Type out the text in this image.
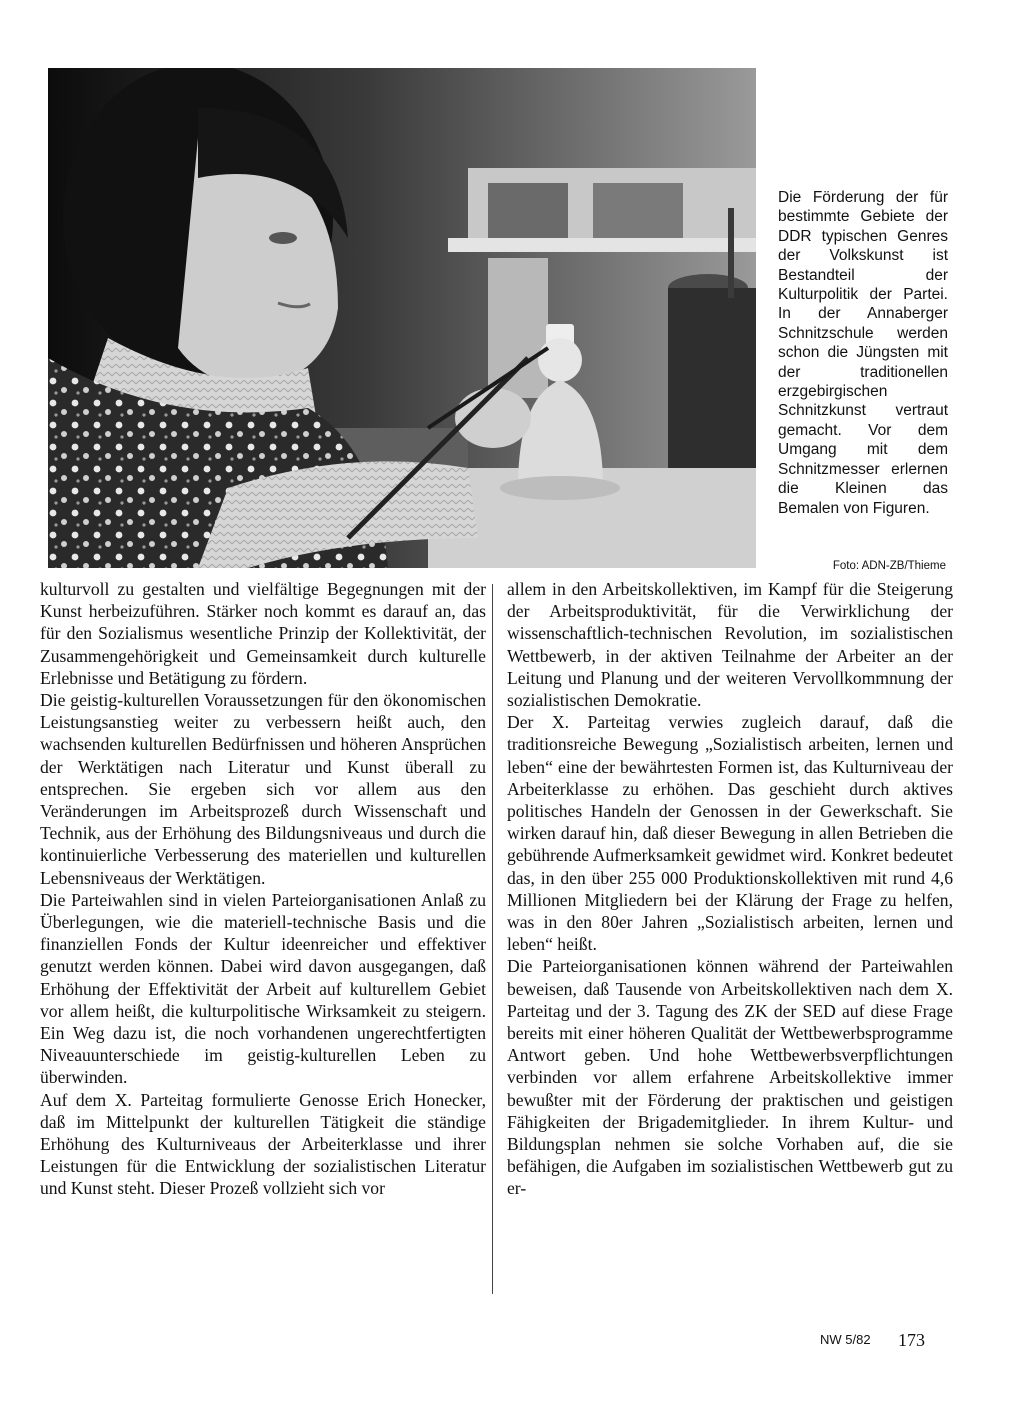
Die Förderung der für bestimmte Gebiete der DDR typischen Genres der Volkskunst ist Bestandteil der Kulturpolitik der Partei. In der Annaberger Schnitzschule werden schon die Jüngsten mit der traditionellen erzgebirgischen Schnitzkunst vertraut gemacht. Vor dem Umgang mit dem Schnitzmesser erlernen die Kleinen das Bemalen von Figuren.
Foto: ADN-ZB/Thieme

kulturvoll zu gestalten und vielfältige Begegnungen mit der Kunst herbeizuführen. Stärker noch kommt es darauf an, das für den Sozialismus wesentliche Prinzip der Kollektivität, der Zusammengehörigkeit und Gemeinsamkeit durch kulturelle Erlebnisse und Betätigung zu fördern.

Die geistig-kulturellen Voraussetzungen für den ökonomischen Leistungsanstieg weiter zu verbessern heißt auch, den wachsenden kulturellen Bedürfnissen und höheren Ansprüchen der Werktätigen nach Literatur und Kunst überall zu entsprechen. Sie ergeben sich vor allem aus den Veränderungen im Arbeitsprozeß durch Wissenschaft und Technik, aus der Erhöhung des Bildungsniveaus und durch die kontinuierliche Verbesserung des materiellen und kulturellen Lebensniveaus der Werktätigen.

Die Parteiwahlen sind in vielen Parteiorganisationen Anlaß zu Überlegungen, wie die materiell-technische Basis und die finanziellen Fonds der Kultur ideenreicher und effektiver genutzt werden können. Dabei wird davon ausgegangen, daß Erhöhung der Effektivität der Arbeit auf kulturellem Gebiet vor allem heißt, die kulturpolitische Wirksamkeit zu steigern. Ein Weg dazu ist, die noch vorhandenen ungerechtfertigten Niveauunterschiede im geistig-kulturellen Leben zu überwinden.

Auf dem X. Parteitag formulierte Genosse Erich Honecker, daß im Mittelpunkt der kulturellen Tätigkeit die ständige Erhöhung des Kulturniveaus der Arbeiterklasse und ihrer Leistungen für die Entwicklung der sozialistischen Literatur und Kunst steht. Dieser Prozeß vollzieht sich vor

allem in den Arbeitskollektiven, im Kampf für die Steigerung der Arbeitsproduktivität, für die Verwirklichung der wissenschaftlich-technischen Revolution, im sozialistischen Wettbewerb, in der aktiven Teilnahme der Arbeiter an der Leitung und Planung und der weiteren Vervollkommnung der sozialistischen Demokratie.

Der X. Parteitag verwies zugleich darauf, daß die traditionsreiche Bewegung „Sozialistisch arbeiten, lernen und leben“ eine der bewährtesten Formen ist, das Kulturniveau der Arbeiterklasse zu erhöhen. Das geschieht durch aktives politisches Handeln der Genossen in der Gewerkschaft. Sie wirken darauf hin, daß dieser Bewegung in allen Betrieben die gebührende Aufmerksamkeit gewidmet wird. Konkret bedeutet das, in den über 255 000 Produktionskollektiven mit rund 4,6 Millionen Mitgliedern bei der Klärung der Frage zu helfen, was in den 80er Jahren „Sozialistisch arbeiten, lernen und leben“ heißt.

Die Parteiorganisationen können während der Parteiwahlen beweisen, daß Tausende von Arbeitskollektiven nach dem X. Parteitag und der 3. Tagung des ZK der SED auf diese Frage bereits mit einer höheren Qualität der Wettbewerbsprogramme Antwort geben. Und hohe Wettbewerbsverpflichtungen verbinden vor allem erfahrene Arbeitskollektive immer bewußter mit der Förderung der praktischen und geistigen Fähigkeiten der Brigademitglieder. In ihrem Kultur- und Bildungsplan nehmen sie solche Vorhaben auf, die sie befähigen, die Aufgaben im sozialistischen Wettbewerb gut zu er-

NW 5/82 173
